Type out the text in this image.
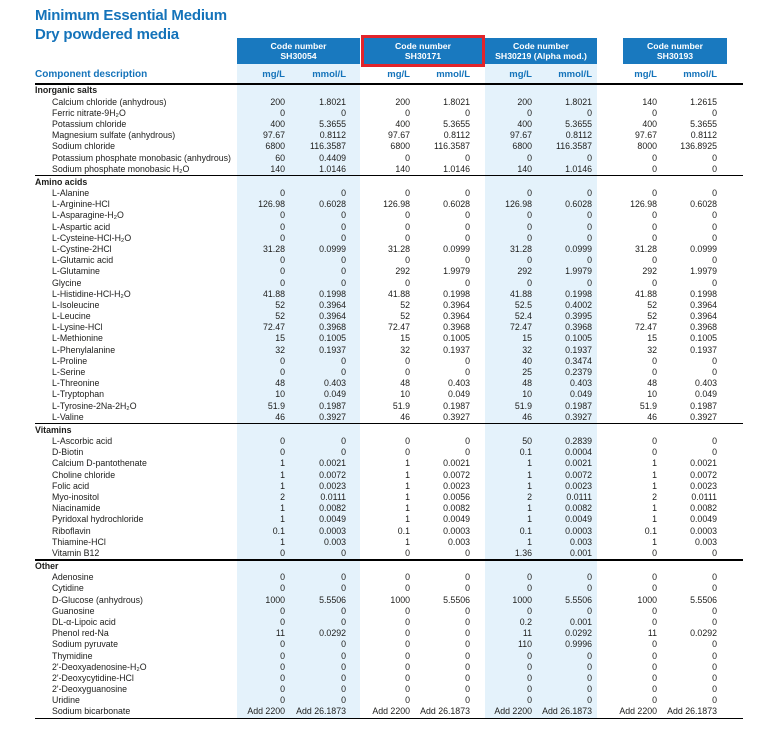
Minimum Essential Medium
Dry powdered media
Code number
SH30054
Code number
SH30171
Code number
SH30219 (Alpha mod.)
Code number
SH30193
Component description	mg/L	mmol/L	mg/L	mmol/L	mg/L	mmol/L	mg/L	mmol/L
Inorganic salts
Calcium chloride (anhydrous)	200	1.8021	200	1.8021	200	1.8021	140	1.2615
Ferric nitrate-9H₂O	0	0	0	0	0	0	0	0
Potassium chloride	400	5.3655	400	5.3655	400	5.3655	400	5.3655
Magnesium sulfate (anhydrous)	97.67	0.8112	97.67	0.8112	97.67	0.8112	97.67	0.8112
Sodium chloride	6800	116.3587	6800	116.3587	6800	116.3587	8000	136.8925
Potassium phosphate monobasic (anhydrous)	60	0.4409	0	0	0	0	0	0
Sodium phosphate monobasic H₂O	140	1.0146	140	1.0146	140	1.0146	0	0
Amino acids
L-Alanine	0	0	0	0	0	0	0	0
L-Arginine-HCl	126.98	0.6028	126.98	0.6028	126.98	0.6028	126.98	0.6028
L-Asparagine-H₂O	0	0	0	0	0	0	0	0
L-Aspartic acid	0	0	0	0	0	0	0	0
L-Cysteine-HCl-H₂O	0	0	0	0	0	0	0	0
L-Cystine-2HCl	31.28	0.0999	31.28	0.0999	31.28	0.0999	31.28	0.0999
L-Glutamic acid	0	0	0	0	0	0	0	0
L-Glutamine	0	0	292	1.9979	292	1.9979	292	1.9979
Glycine	0	0	0	0	0	0	0	0
L-Histidine-HCl-H₂O	41.88	0.1998	41.88	0.1998	41.88	0.1998	41.88	0.1998
L-Isoleucine	52	0.3964	52	0.3964	52.5	0.4002	52	0.3964
L-Leucine	52	0.3964	52	0.3964	52.4	0.3995	52	0.3964
L-Lysine-HCl	72.47	0.3968	72.47	0.3968	72.47	0.3968	72.47	0.3968
L-Methionine	15	0.1005	15	0.1005	15	0.1005	15	0.1005
L-Phenylalanine	32	0.1937	32	0.1937	32	0.1937	32	0.1937
L-Proline	0	0	0	0	40	0.3474	0	0
L-Serine	0	0	0	0	25	0.2379	0	0
L-Threonine	48	0.403	48	0.403	48	0.403	48	0.403
L-Tryptophan	10	0.049	10	0.049	10	0.049	10	0.049
L-Tyrosine-2Na-2H₂O	51.9	0.1987	51.9	0.1987	51.9	0.1987	51.9	0.1987
L-Valine	46	0.3927	46	0.3927	46	0.3927	46	0.3927
Vitamins
L-Ascorbic acid	0	0	0	0	50	0.2839	0	0
D-Biotin	0	0	0	0	0.1	0.0004	0	0
Calcium D-pantothenate	1	0.0021	1	0.0021	1	0.0021	1	0.0021
Choline chloride	1	0.0072	1	0.0072	1	0.0072	1	0.0072
Folic acid	1	0.0023	1	0.0023	1	0.0023	1	0.0023
Myo-inositol	2	0.0111	1	0.0056	2	0.0111	2	0.0111
Niacinamide	1	0.0082	1	0.0082	1	0.0082	1	0.0082
Pyridoxal hydrochloride	1	0.0049	1	0.0049	1	0.0049	1	0.0049
Riboflavin	0.1	0.0003	0.1	0.0003	0.1	0.0003	0.1	0.0003
Thiamine-HCl	1	0.003	1	0.003	1	0.003	1	0.003
Vitamin B12	0	0	0	0	1.36	0.001	0	0
Other
Adenosine	0	0	0	0	0	0	0	0
Cytidine	0	0	0	0	0	0	0	0
D-Glucose (anhydrous)	1000	5.5506	1000	5.5506	1000	5.5506	1000	5.5506
Guanosine	0	0	0	0	0	0	0	0
DL-α-Lipoic acid	0	0	0	0	0.2	0.001	0	0
Phenol red-Na	11	0.0292	0	0	11	0.0292	11	0.0292
Sodium pyruvate	0	0	0	0	110	0.9996	0	0
Thymidine	0	0	0	0	0	0	0	0
2'-Deoxyadenosine-H₂O	0	0	0	0	0	0	0	0
2'-Deoxycytidine-HCl	0	0	0	0	0	0	0	0
2'-Deoxyguanosine	0	0	0	0	0	0	0	0
Uridine	0	0	0	0	0	0	0	0
Sodium bicarbonate	Add 2200	Add 26.1873	Add 2200	Add 26.1873	Add 2200	Add 26.1873	Add 2200	Add 26.1873
